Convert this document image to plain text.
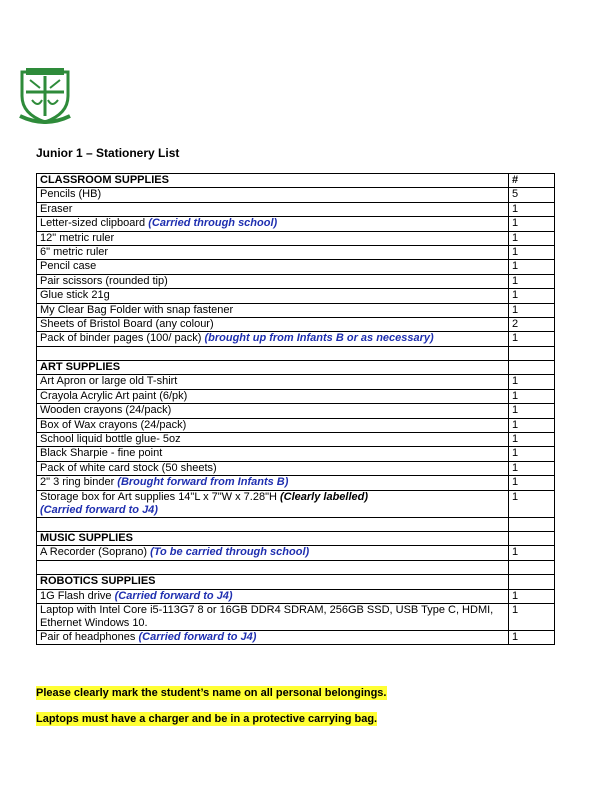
Junior 1 – Stationery List
CLASSROOM SUPPLIES	#
Pencils (HB)	5
Eraser	1
Letter-sized clipboard (Carried through school)	1
12" metric ruler	1
6" metric ruler	1
Pencil case	1
Pair scissors (rounded tip)	1
Glue stick 21g	1
My Clear Bag Folder with snap fastener	1
Sheets of Bristol Board (any colour)	2
Pack of binder pages (100/ pack) (brought up from Infants B or as necessary)	1

ART SUPPLIES	
Art Apron or large old T-shirt	1
Crayola Acrylic Art paint (6/pk)	1
Wooden crayons (24/pack)	1
Box of Wax crayons (24/pack)	1
School liquid bottle glue- 5oz	1
Black Sharpie - fine point	1
Pack of white card stock (50 sheets)	1
2" 3 ring binder (Brought forward from Infants B)	1
Storage box for Art supplies 14"L x 7"W x 7.28"H (Clearly labelled)
(Carried forward to J4)	1

MUSIC SUPPLIES	
A Recorder (Soprano) (To be carried through school)	1

ROBOTICS SUPPLIES	
1G Flash drive (Carried forward to J4)	1
Laptop with Intel Core i5-113G7 8 or 16GB DDR4 SDRAM, 256GB SSD, USB Type C, HDMI, Ethernet Windows 10.	1
Pair of headphones (Carried forward to J4)	1
Please clearly mark the student’s name on all personal belongings.
Laptops must have a charger and be in a protective carrying bag.
